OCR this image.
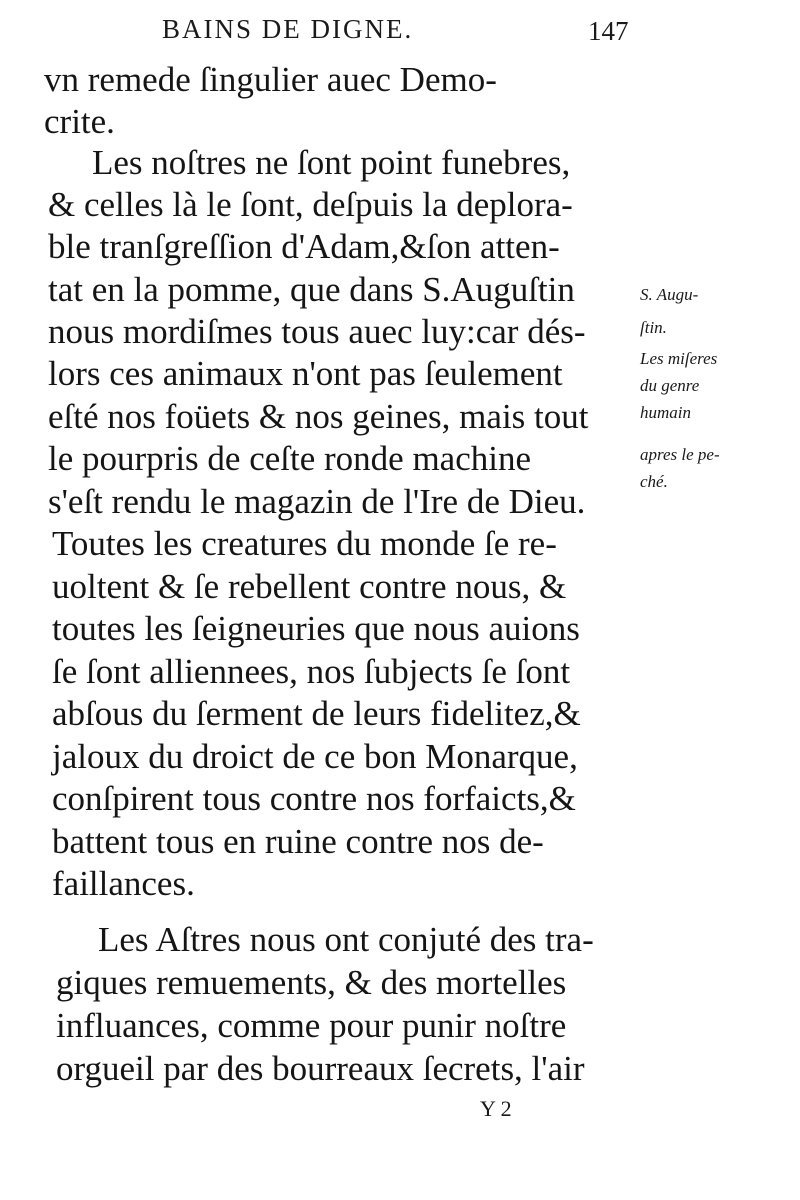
BAINS DE DIGNE.	147
vn remede ſingulier auec Demo-
crite.
Les noſtres ne ſont point funebres,
& celles là le ſont, deſpuis la deplora-
ble tranſgreſſion d'Adam,&ſon atten-
tat en la pomme, que dans S.Auguſtin
nous mordiſmes tous auec luy:car dés-
lors ces animaux n'ont pas ſeulement
eſté nos foüets & nos geines, mais tout
le pourpris de ceſte ronde machine
s'eſt rendu le magazin de l'Ire de Dieu.
Toutes les creatures du monde ſe re-
uoltent & ſe rebellent contre nous, &
toutes les ſeigneuries que nous auions
ſe ſont alliennees, nos ſubjects ſe ſont
abſous du ſerment de leurs fidelitez,&
jaloux du droict de ce bon Monarque,
conſpirent tous contre nos forfaicts,&
battent tous en ruine contre nos de-
faillances.
Les Aſtres nous ont conjuté des tra-
giques remuements, & des mortelles
influances, comme pour punir noſtre
orgueil par des bourreaux ſecrets, l'air
S. Augu-
ſtin.
Les miſeres
du genre
humain
apres le pe-
ché.
Y 2
